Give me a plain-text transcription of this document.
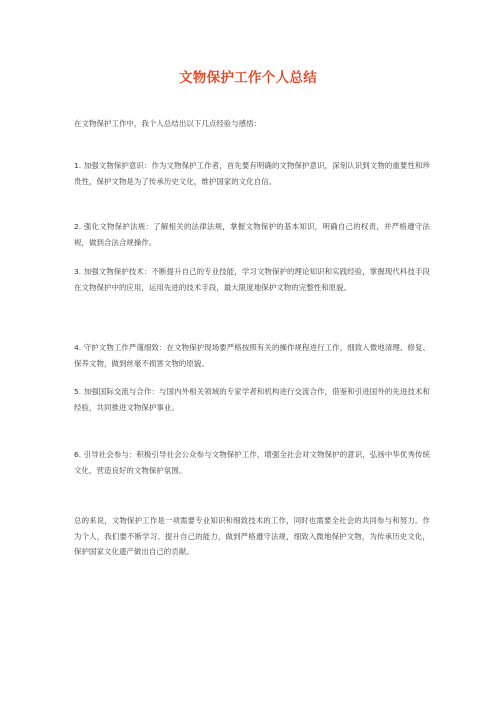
文物保护工作个人总结

在文物保护工作中，我个人总结出以下几点经验与感悟：

1. 加强文物保护意识：作为文物保护工作者，首先要有明确的文物保护意识，深刻认识到文物的重要性和珍贵性，保护文物是为了传承历史文化，维护国家的文化自信。

2. 强化文物保护法规：了解相关的法律法规，掌握文物保护的基本知识，明确自己的权责，并严格遵守法规，做到合法合规操作。

3. 加强文物保护技术：不断提升自己的专业技能，学习文物保护的理论知识和实践经验，掌握现代科技手段在文物保护中的应用，运用先进的技术手段，最大限度地保护文物的完整性和原貌。

4. 守护文物工作严谨细致：在文物保护现场要严格按照有关的操作规程进行工作，细致入微地清理、修复、保养文物，做到丝毫不损害文物的原貌。

5. 加强国际交流与合作：与国内外相关领域的专家学者和机构进行交流合作，借鉴和引进国外的先进技术和经验，共同推进文物保护事业。

6. 引导社会参与：积极引导社会公众参与文物保护工作，增强全社会对文物保护的意识，弘扬中华优秀传统文化，营造良好的文物保护氛围。

总的来说，文物保护工作是一项需要专业知识和细致技术的工作，同时也需要全社会的共同参与和努力。作为个人，我们要不断学习、提升自己的能力，做到严格遵守法规，细致入微地保护文物，为传承历史文化，保护国家文化遗产做出自己的贡献。
